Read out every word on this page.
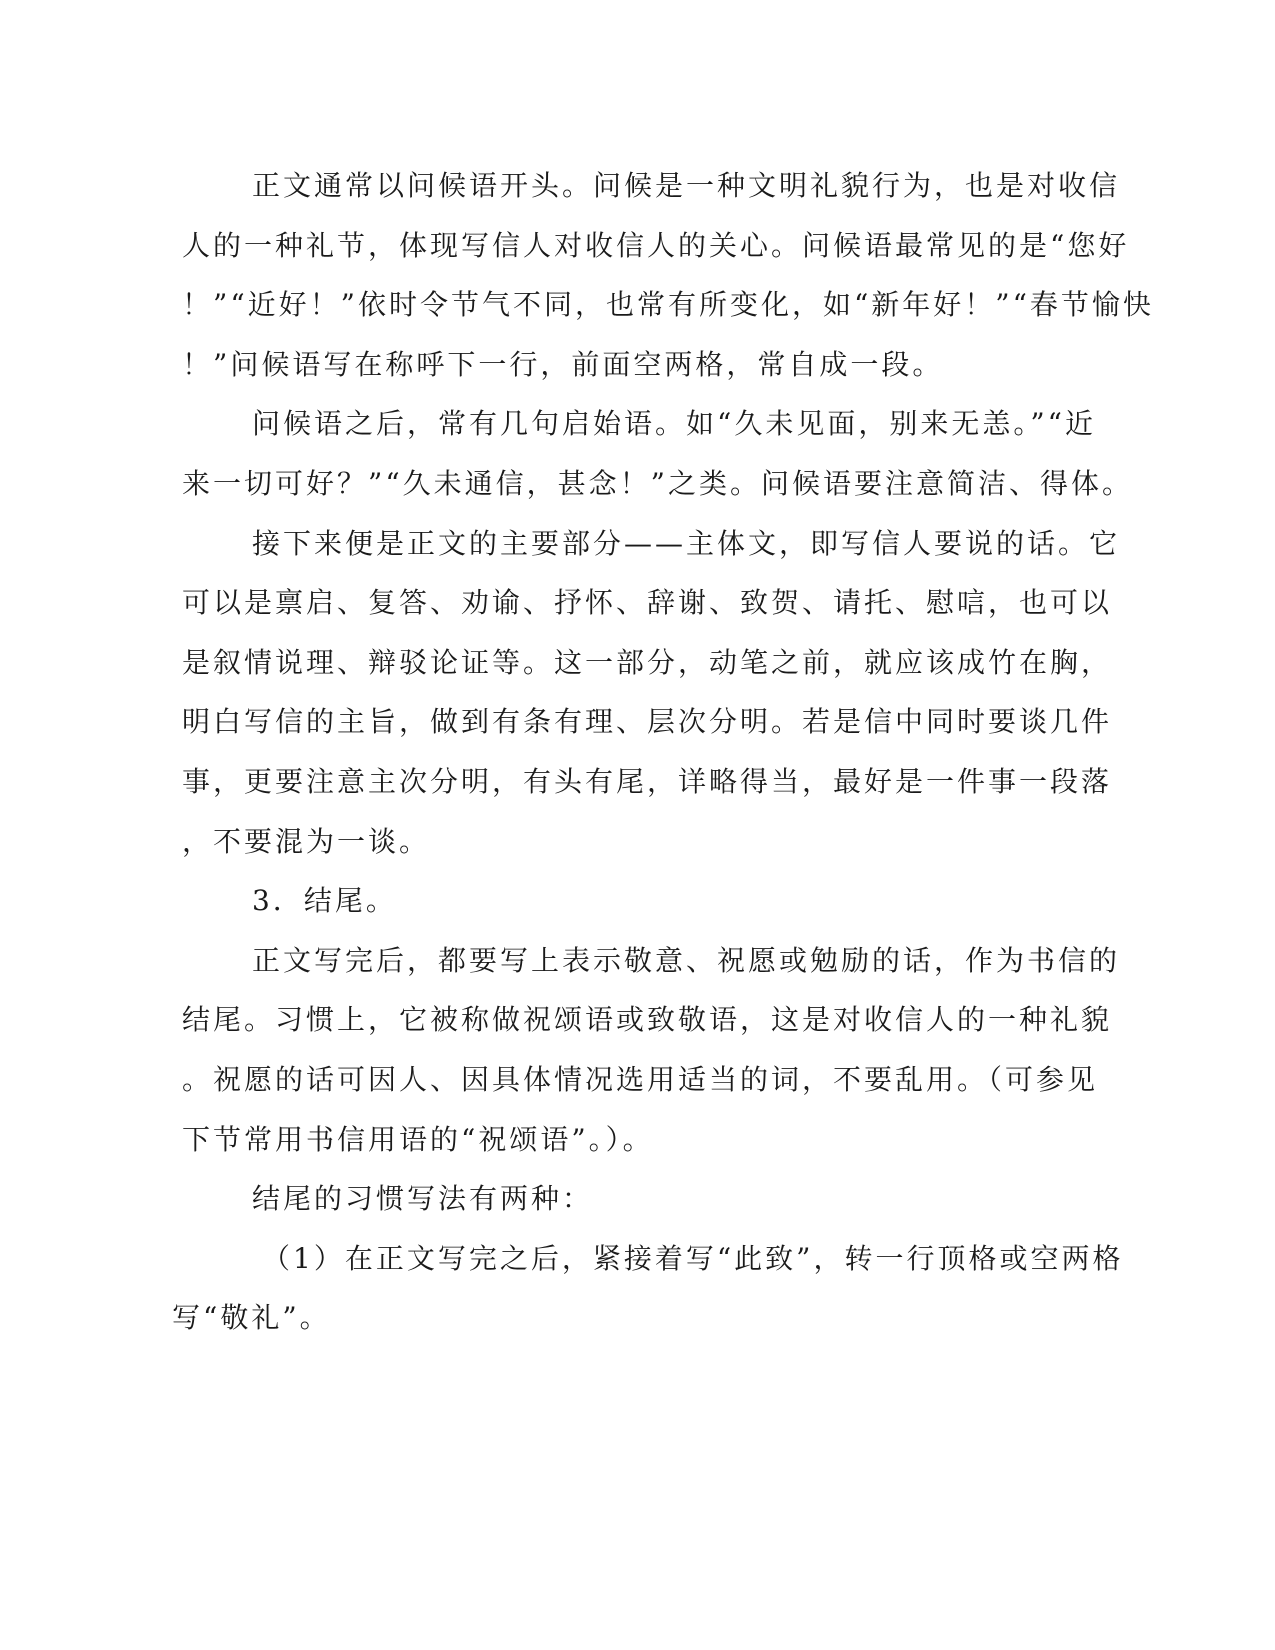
正文通常以问候语开头。问候是一种文明礼貌行为，也是对收信
人的一种礼节，体现写信人对收信人的关心。问候语最常见的是“您好
！”“近好！”依时令节气不同，也常有所变化，如“新年好！”“春节愉快
！”问候语写在称呼下一行，前面空两格，常自成一段。
问候语之后，常有几句启始语。如“久未见面，别来无恙。”“近
来一切可好？”“久未通信，甚念！”之类。问候语要注意简洁、得体。
接下来便是正文的主要部分——主体文，即写信人要说的话。它
可以是禀启、复答、劝谕、抒怀、辞谢、致贺、请托、慰唁，也可以
是叙情说理、辩驳论证等。这一部分，动笔之前，就应该成竹在胸，
明白写信的主旨，做到有条有理、层次分明。若是信中同时要谈几件
事，更要注意主次分明，有头有尾，详略得当，最好是一件事一段落
，不要混为一谈。
3．结尾。
正文写完后，都要写上表示敬意、祝愿或勉励的话，作为书信的
结尾。习惯上，它被称做祝颂语或致敬语，这是对收信人的一种礼貌
。祝愿的话可因人、因具体情况选用适当的词，不要乱用。（可参见
下节常用书信用语的“祝颂语”。）。
结尾的习惯写法有两种：
（1）在正文写完之后，紧接着写“此致”，转一行顶格或空两格
写“敬礼”。
